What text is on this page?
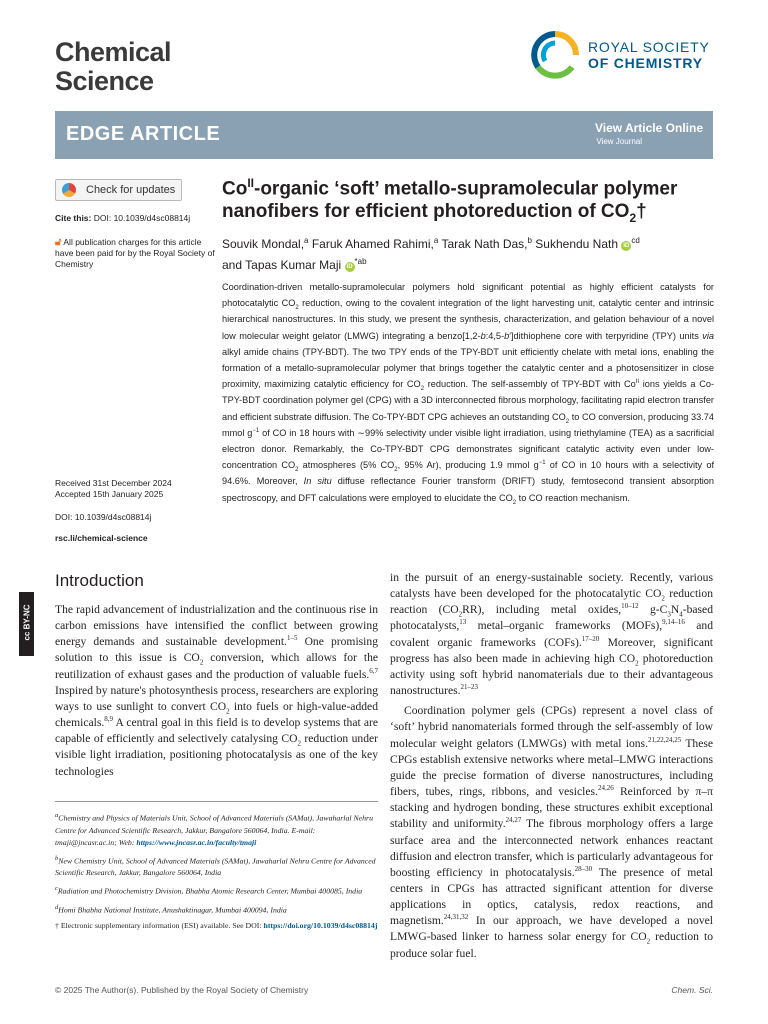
Chemical
Science
ROYAL SOCIETY
OF CHEMISTRY
EDGE ARTICLE	View Article Online
View Journal
Check for updates
Cite this: DOI: 10.1039/d4sc08814j
🔓︎ All publication charges for this article have been paid for by the Royal Society of Chemistry
Received 31st December 2024
Accepted 15th January 2025
DOI: 10.1039/d4sc08814j
rsc.li/chemical-science
cc BY-NC
$Co^{II}$-organic ‘soft’ metallo-supramolecular polymer nanofibers for efficient photoreduction of $CO_2\dagger$
Souvik Mondal,$^a$ Faruk Ahamed Rahimi,$^a$ Tarak Nath Das,$^b$ Sukhendu Nath $iD^{cd}$
and Tapas Kumar Maji $iD^{*ab}$
Coordination-driven metallo-supramolecular polymers hold significant potential as highly efficient catalysts for photocatalytic $CO_2$ reduction, owing to the covalent integration of the light harvesting unit, catalytic center and intrinsic hierarchical nanostructures. In this study, we present the synthesis, characterization, and gelation behaviour of a novel low molecular weight gelator (LMWG) integrating a benzo[1,2-b:4,5-b′]dithiophene core with terpyridine (TPY) units via alkyl amide chains (TPY-BDT). The two TPY ends of the TPY-BDT unit efficiently chelate with metal ions, enabling the formation of a metallo-supramolecular polymer that brings together the catalytic center and a photosensitizer in close proximity, maximizing catalytic efficiency for $CO_2$ reduction. The self-assembly of TPY-BDT with $Co^{II}$ ions yields a Co-TPY-BDT coordination polymer gel (CPG) with a 3D interconnected fibrous morphology, facilitating rapid electron transfer and efficient substrate diffusion. The Co-TPY-BDT CPG achieves an outstanding $CO_2$ to CO conversion, producing 33.74 mmol $g^{-1}$ of CO in 18 hours with ∼99% selectivity under visible light irradiation, using triethylamine (TEA) as a sacrificial electron donor. Remarkably, the Co-TPY-BDT CPG demonstrates significant catalytic activity even under low-concentration $CO_2$ atmospheres (5% $CO_2$, 95% Ar), producing 1.9 mmol $g^{-1}$ of CO in 10 hours with a selectivity of 94.6%. Moreover, In situ diffuse reflectance Fourier transform (DRIFT) study, femtosecond transient absorption spectroscopy, and DFT calculations were employed to elucidate the $CO_2$ to CO reaction mechanism.
Introduction

The rapid advancement of industrialization and the continuous rise in carbon emissions have intensified the conflict between growing energy demands and sustainable development.$^{1-5}$ One promising solution to this issue is $CO_2$ conversion, which allows for the reutilization of exhaust gases and the production of valuable fuels.$^{6,7}$ Inspired by nature's photosynthesis process, researchers are exploring ways to use sunlight to convert $CO_2$ into fuels or high-value-added chemicals.$^{8,9}$ A central goal in this field is to develop systems that are capable of efficiently and selectively catalysing $CO_2$ reduction under visible light irradiation, positioning photocatalysis as one of the key technologies

$^a$Chemistry and Physics of Materials Unit, School of Advanced Materials (SAMat), Jawaharlal Nehru Centre for Advanced Scientific Research, Jakkur, Bangalore 560064, India. E-mail: tmaji@jncasr.ac.in; Web: https://www.jncasr.ac.in/faculty/tmaji

$^b$New Chemistry Unit, School of Advanced Materials (SAMat), Jawaharlal Nehru Centre for Advanced Scientific Research, Jakkur, Bangalore 560064, India

$^c$Radiation and Photochemistry Division, Bhabha Atomic Research Center, Mumbai 400085, India

$^d$Homi Bhabha National Institute, Anushaktinagar, Mumbai 400094, India

† Electronic supplementary information (ESI) available. See DOI: https://doi.org/10.1039/d4sc08814j

in the pursuit of an energy-sustainable society. Recently, various catalysts have been developed for the photocatalytic $CO_2$ reduction reaction $(CO_2RR)$, including metal oxides,$^{10-12}$ $g-C_3N_4$-based photocatalysts,$^{13}$ metal–organic frameworks (MOFs),$^{9,14-16}$ and covalent organic frameworks (COFs).$^{17-20}$ Moreover, significant progress has also been made in achieving high $CO_2$ photoreduction activity using soft hybrid nanomaterials due to their advantageous nanostructures.$^{21-23}$

Coordination polymer gels (CPGs) represent a novel class of ‘soft’ hybrid nanomaterials formed through the self-assembly of low molecular weight gelators (LMWGs) with metal ions.$^{21,22,24,25}$ These CPGs establish extensive networks where metal–LMWG interactions guide the precise formation of diverse nanostructures, including fibers, tubes, rings, ribbons, and vesicles.$^{24,26}$ Reinforced by π–π stacking and hydrogen bonding, these structures exhibit exceptional stability and uniformity.$^{24,27}$ The fibrous morphology offers a large surface area and the interconnected network enhances reactant diffusion and electron transfer, which is particularly advantageous for boosting efficiency in photocatalysis.$^{28-30}$ The presence of metal centers in CPGs has attracted significant attention for diverse applications in optics, catalysis, redox reactions, and magnetism.$^{24,31,32}$ In our approach, we have developed a novel LMWG-based linker to harness solar energy for $CO_2$ reduction to produce solar fuel.

© 2025 The Author(s). Published by the Royal Society of Chemistry	Chem. Sci.
